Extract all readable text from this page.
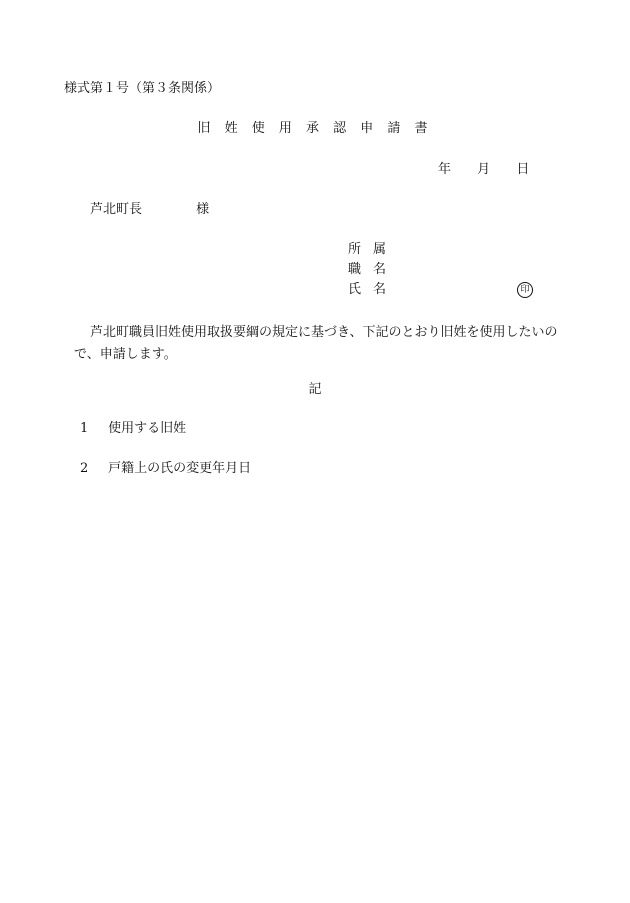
様式第１号（第３条関係）
旧 姓 使 用 承 認 申 請 書
年 月 日
芦北町長	様
所属
職名
氏名	印
芦北町職員旧姓使用取扱要綱の規定に基づき、下記のとおり旧姓を使用したいので、申請します。
記
1 使用する旧姓
2 戸籍上の氏の変更年月日
